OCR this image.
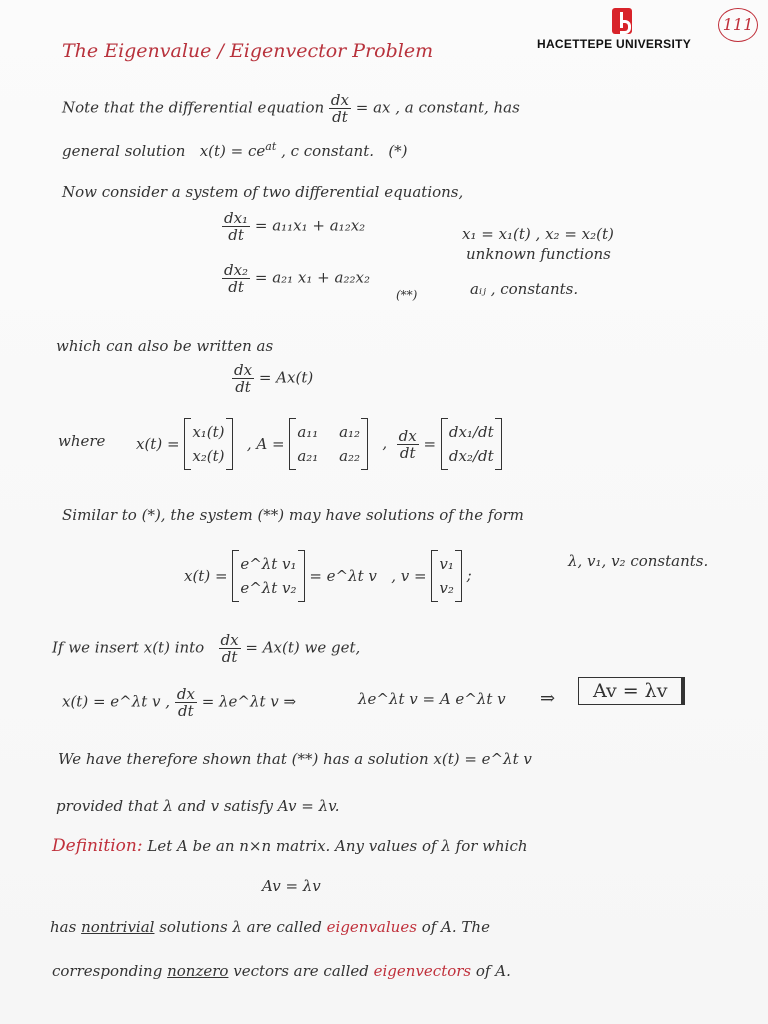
HACETTEPE UNIVERSITY
111
The Eigenvalue / Eigenvector Problem
Note that the differential equation $\frac{dx}{dt}$ = ax , a constant, has
general solution $x(t) = ce^{at}$ , c constant. (*)
Now consider a system of two differential equations,
$\frac{\text{dx₁}}{dt} = a_{11}x_1 + a_{12}x_2$
$\frac{\text{dx₂}}{dt} = a_{21}$ x₁ + a₂₂x₂
x₁ = x₁(t) , x₂ = x₂(t)
unknown functions
aᵢⱼ , constants.
(**)
which can also be written as
$\frac{dx}{dt} = Ax(t)$
where x(t) =
x₁(t)
x₂(t)
, A =
a₁₁ a₁₂
a₂₁ a₂₂
, $\frac{dx}{dt}$ =
dx₁/dt
dx₂/dt
Similar to (*), the system (**) may have solutions of the form
x(t) =
e^λt v₁
e^λt v₂
= e^λt v , v =
v₁
v₂
;
λ, v₁, v₂ constants.
If we insert x(t) into $\frac{dx}{dt} = Ax(t)$ we get,
x(t) = e^λt v , $\frac{dx}{dt}$ = λe^λt v ⇒	λe^λt v = A e^λt v ⇒	Av = λv
We have therefore shown that (**) has a solution x(t) = e^λt v
provided that λ and v satisfy Av = λv.
Definition: Let A be an n×n matrix. Any values of λ for which
Av = λv
has nontrivial solutions λ are called eigenvalues of A. The
corresponding nonzero vectors are called eigenvectors of A.
